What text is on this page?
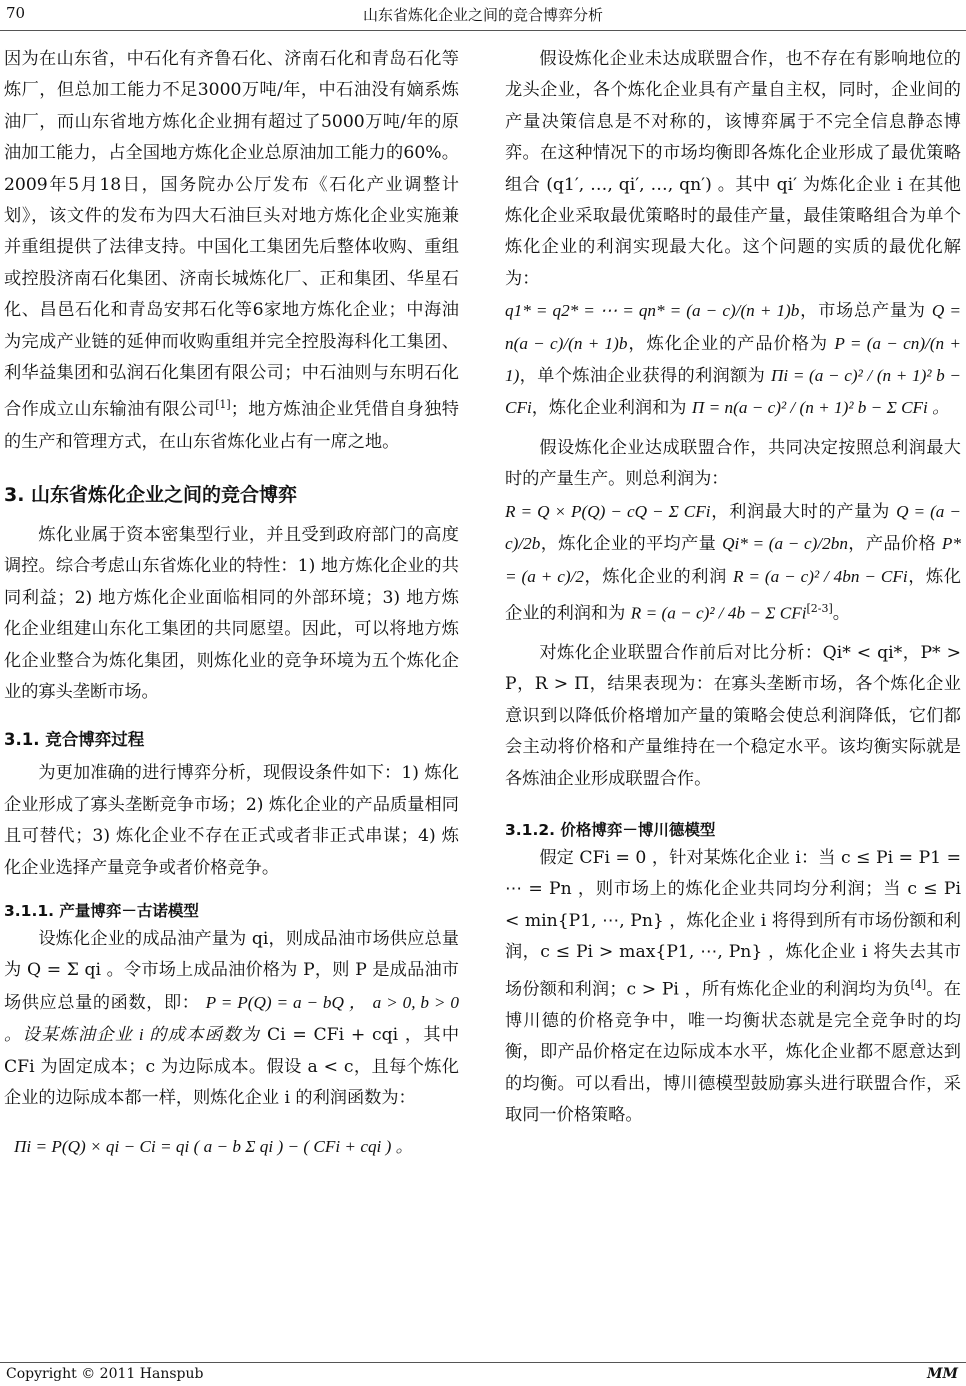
70	山东省炼化企业之间的竞合博弈分析

因为在山东省，中石化有齐鲁石化、济南石化和青岛石化等炼厂，但总加工能力不足3000万吨/年，中石油没有嫡系炼油厂，而山东省地方炼化企业拥有超过了5000万吨/年的原油加工能力，占全国地方炼化企业总原油加工能力的60%。2009年5月18日，国务院办公厅发布《石化产业调整计划》，该文件的发布为四大石油巨头对地方炼化企业实施兼并重组提供了法律支持。中国化工集团先后整体收购、重组或控股济南石化集团、济南长城炼化厂、正和集团、华星石化、昌邑石化和青岛安邦石化等6家地方炼化企业；中海油为完成产业链的延伸而收购重组并完全控股海科化工集团、利华益集团和弘润石化集团有限公司；中石油则与东明石化合作成立山东输油有限公司[1]；地方炼油企业凭借自身独特的生产和管理方式，在山东省炼化业占有一席之地。

3. 山东省炼化企业之间的竞合博弈

炼化业属于资本密集型行业，并且受到政府部门的高度调控。综合考虑山东省炼化业的特性：1) 地方炼化企业的共同利益；2) 地方炼化企业面临相同的外部环境；3) 地方炼化企业组建山东化工集团的共同愿望。因此，可以将地方炼化企业整合为炼化集团，则炼化业的竞争环境为五个炼化企业的寡头垄断市场。

3.1. 竞合博弈过程

为更加准确的进行博弈分析，现假设条件如下：1) 炼化企业形成了寡头垄断竞争市场；2) 炼化企业的产品质量相同且可替代；3) 炼化企业不存在正式或者非正式串谋；4) 炼化企业选择产量竞争或者价格竞争。

3.1.1. 产量博弈－古诺模型

设炼化企业的成品油产量为 qi，则成品油市场供应总量为 Q = Σ qi 。令市场上成品油价格为 P，则 P 是成品油市场供应总量的函数，即： P = P(Q) = a − bQ ， a > 0, b > 0 。设某炼油企业 i 的成本函数为 Ci = CFi + cqi ，其中 CFi 为固定成本；c 为边际成本。假设 a < c，且每个炼化企业的边际成本都一样，则炼化企业 i 的利润函数为：

Πi = P(Q) × qi − Ci = qi ( a − b Σ qi ) − ( CFi + cqi ) 。

假设炼化企业未达成联盟合作，也不存在有影响地位的龙头企业，各个炼化企业具有产量自主权，同时，企业间的产量决策信息是不对称的，该博弈属于不完全信息静态博弈。在这种情况下的市场均衡即各炼化企业形成了最优策略组合 (q1′, …, qi′, …, qn′) 。其中 qi′ 为炼化企业 i 在其他炼化企业采取最优策略时的最佳产量，最佳策略组合为单个炼化企业的利润实现最大化。这个问题的实质的最优化解为：

q1* = q2* = ⋯ = qn* = (a − c)/(n + 1)b，市场总产量为 Q = n(a − c)/(n + 1)b，炼化企业的产品价格为 P = (a − cn)/(n + 1)，单个炼油企业获得的利润额为 Πi = (a − c)² / (n + 1)² b − CFi，炼化企业利润和为 Π = n(a − c)² / (n + 1)² b − Σ CFi 。

假设炼化企业达成联盟合作，共同决定按照总利润最大时的产量生产。则总利润为：

R = Q × P(Q) − cQ − Σ CFi，利润最大时的产量为 Q = (a − c)/2b，炼化企业的平均产量 Qi* = (a − c)/2bn，产品价格 P* = (a + c)/2，炼化企业的利润 R = (a − c)² / 4bn − CFi，炼化企业的利润和为 R = (a − c)² / 4b − Σ CFi[2-3]。

对炼化企业联盟合作前后对比分析：Qi* < qi*，P* > P，R > Π，结果表现为：在寡头垄断市场，各个炼化企业意识到以降低价格增加产量的策略会使总利润降低，它们都会主动将价格和产量维持在一个稳定水平。该均衡实际就是各炼油企业形成联盟合作。

3.1.2. 价格博弈－博川德模型

假定 CFi = 0 ，针对某炼化企业 i：当 c ≤ Pi = P1 = ⋯ = Pn ，则市场上的炼化企业共同均分利润；当 c ≤ Pi < min{P1, ⋯, Pn} ，炼化企业 i 将得到所有市场份额和利润，c ≤ Pi > max{P1, ⋯, Pn} ，炼化企业 i 将失去其市场份额和利润；c > Pi ，所有炼化企业的利润均为负[4]。在博川德的价格竞争中，唯一均衡状态就是完全竞争时的均衡，即产品价格定在边际成本水平，炼化企业都不愿意达到的均衡。可以看出，博川德模型鼓励寡头进行联盟合作，采取同一价格策略。

Copyright © 2011 Hanspub	MM
